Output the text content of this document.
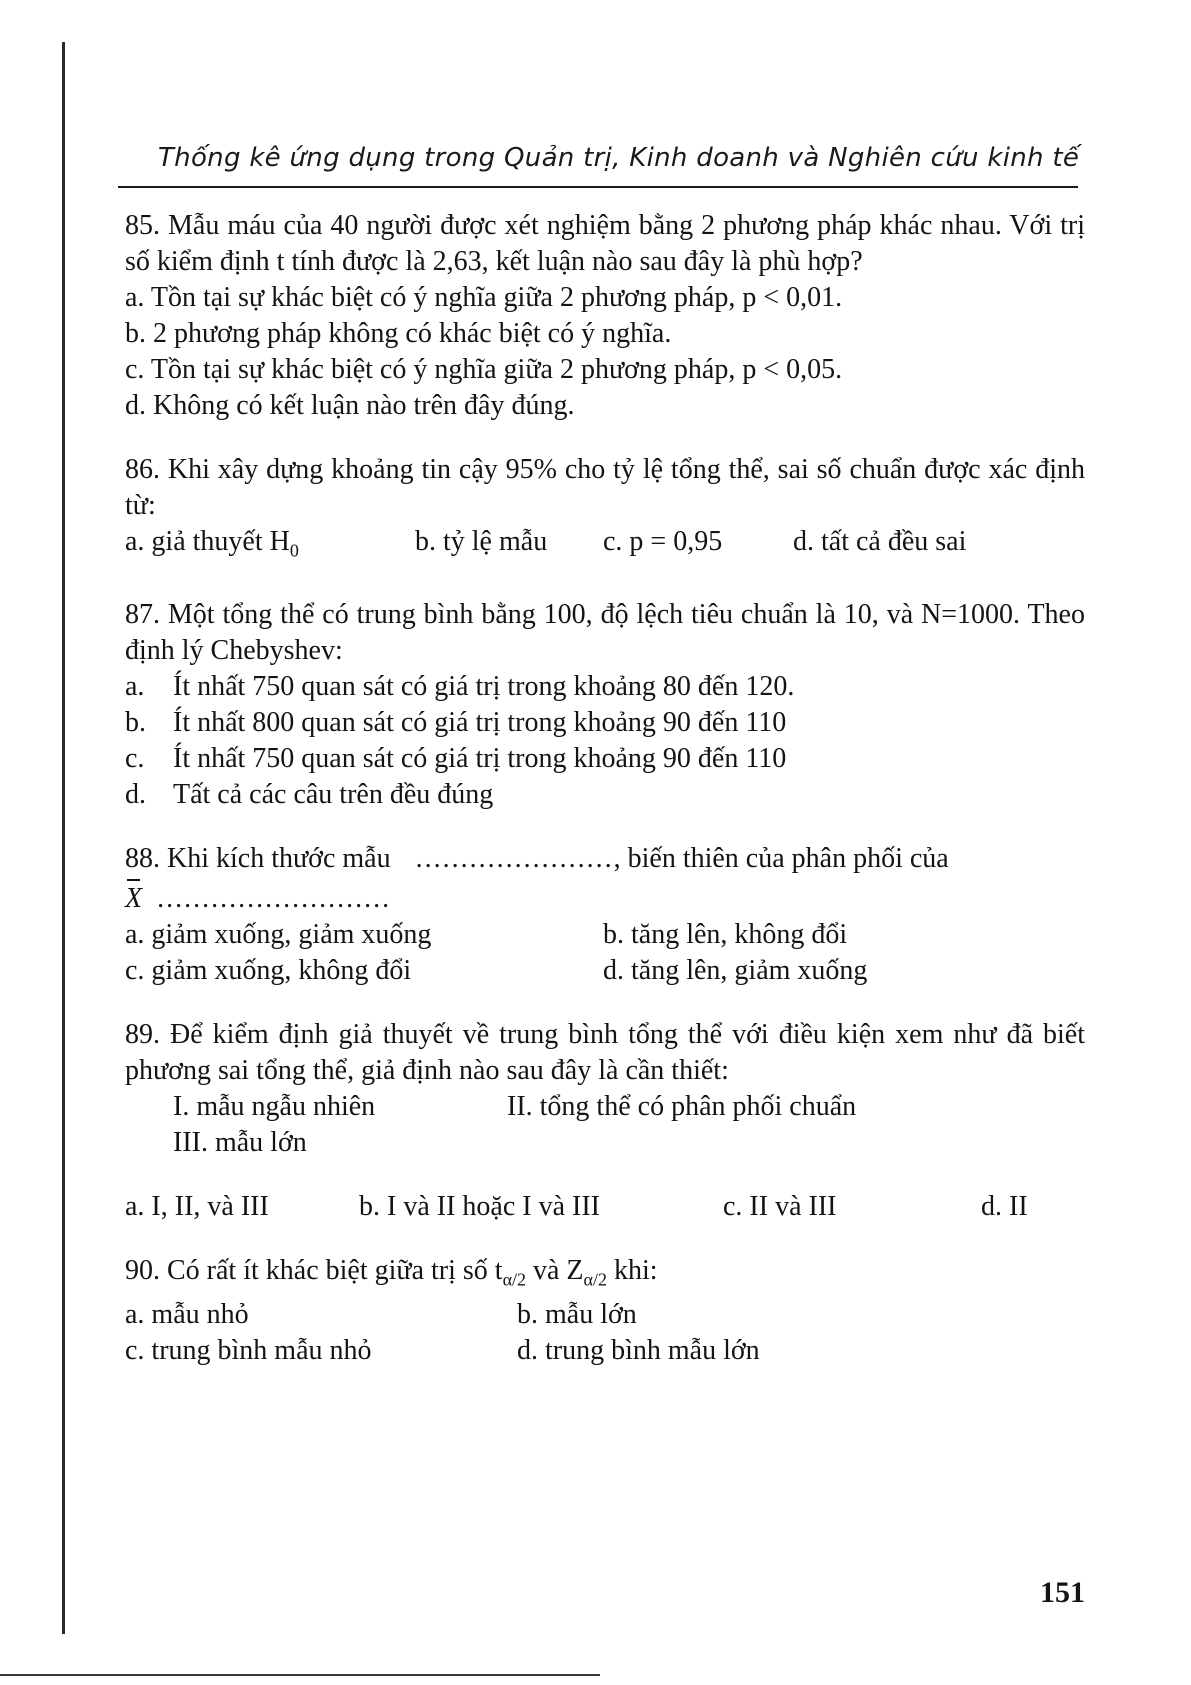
Thống kê ứng dụng trong Quản trị, Kinh doanh và Nghiên cứu kinh tế

85. Mẫu máu của 40 người được xét nghiệm bằng 2 phương pháp khác nhau. Với trị số kiểm định t tính được là 2,63, kết luận nào sau đây là phù hợp?

a. Tồn tại sự khác biệt có ý nghĩa giữa 2 phương pháp, p < 0,01.

b. 2 phương pháp không có khác biệt có ý nghĩa.

c. Tồn tại sự khác biệt có ý nghĩa giữa 2 phương pháp, p < 0,05.

d. Không có kết luận nào trên đây đúng.

86. Khi xây dựng khoảng tin cậy 95% cho tỷ lệ tổng thể, sai số chuẩn được xác định từ:

a. giả thuyết $H_0$	b. tỷ lệ mẫu	c. p = 0,95	d. tất cả đều sai

87. Một tổng thể có trung bình bằng 100, độ lệch tiêu chuẩn là 10, và N=1000. Theo định lý Chebyshev:

a.	Ít nhất 750 quan sát có giá trị trong khoảng 80 đến 120.
b. Ít nhất 800 quan sát có giá trị trong khoảng 90 đến 110
c.	Ít nhất 750 quan sát có giá trị trong khoảng 90 đến 110
d. Tất cả các câu trên đều đúng

88. Khi kích thước mẫu ......................, biến thiên của phân phối của

X ..........................

a. giảm xuống, giảm xuống	b. tăng lên, không đổi
c. giảm xuống, không đổi	d. tăng lên, giảm xuống

89. Để kiểm định giả thuyết về trung bình tổng thể với điều kiện xem như đã biết phương sai tổng thể, giả định nào sau đây là cần thiết:

I. mẫu ngẫu nhiên	II. tổng thể có phân phối chuẩn
III. mẫu lớn
a. I, II, và III	b. I và II hoặc I và III	c. II và III	d. II

90. Có rất ít khác biệt giữa trị số $t_{\alpha/2}$ và $Z_{\alpha/2}$ khi:

a. mẫu nhỏ	b. mẫu lớn
c. trung bình mẫu nhỏ	d. trung bình mẫu lớn
151
